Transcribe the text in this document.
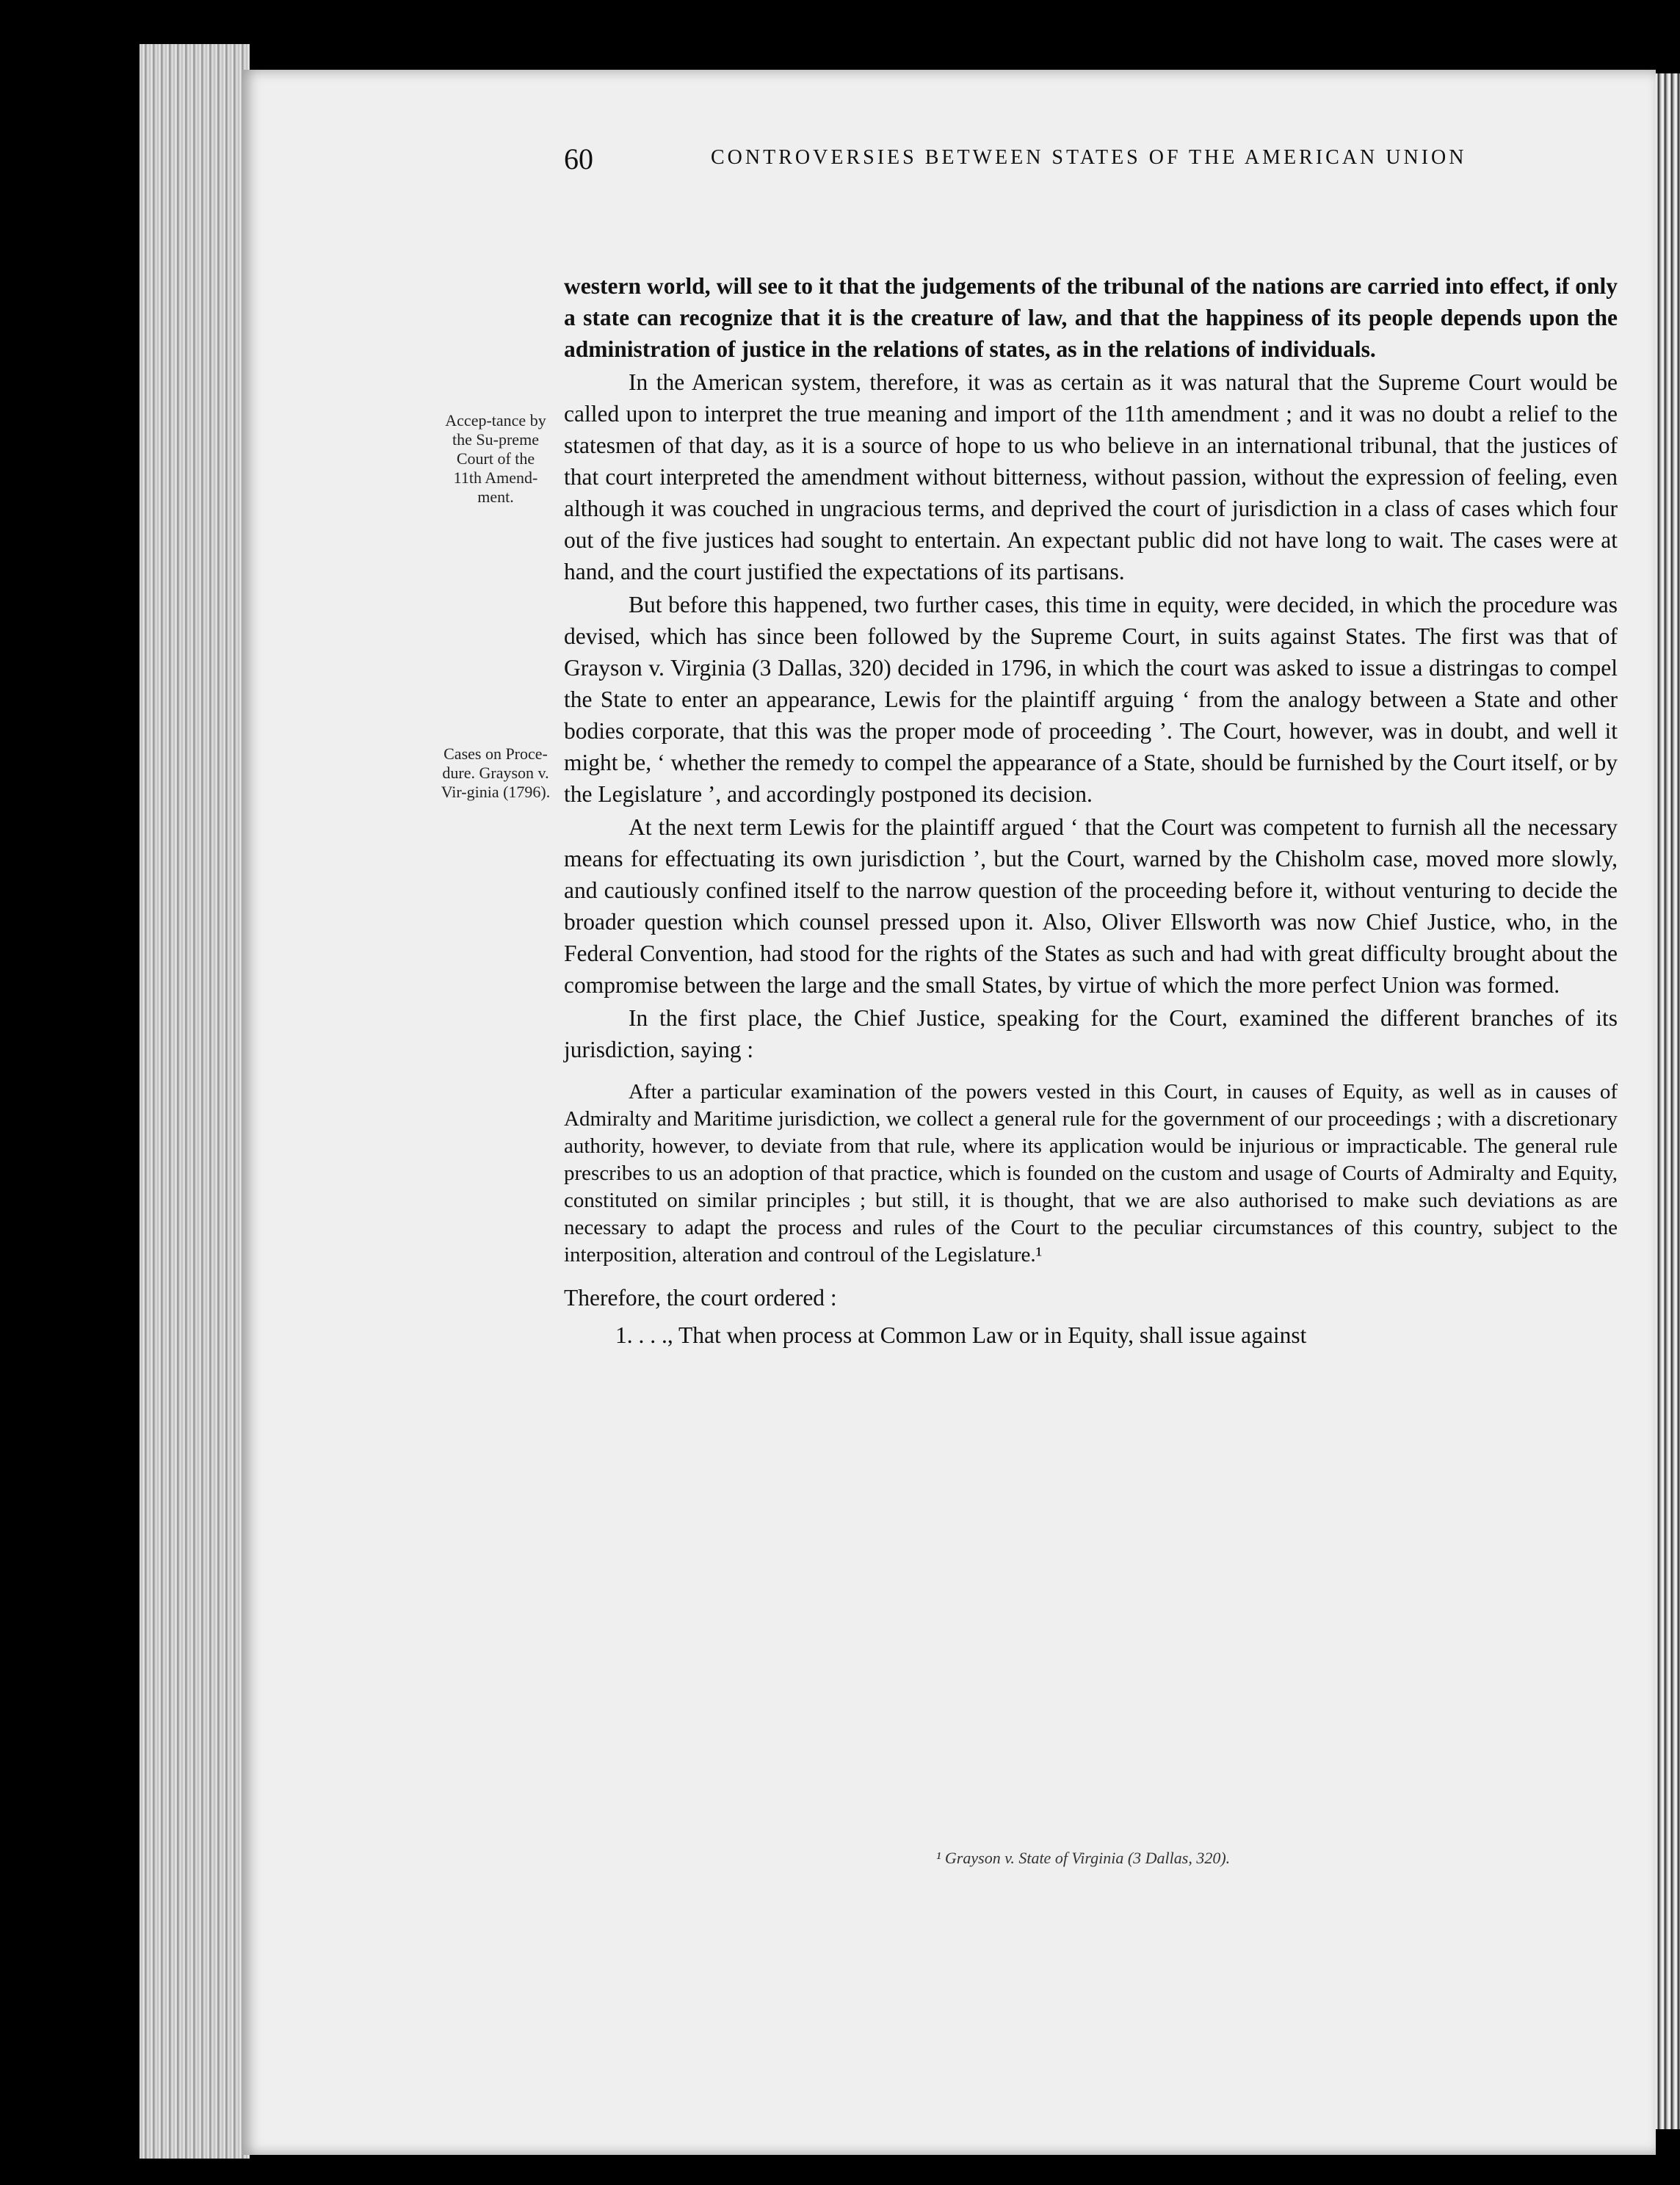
60	CONTROVERSIES BETWEEN STATES OF THE AMERICAN UNION
Accep-tance by the Su-preme Court of the 11th Amend-ment.
Cases on Proce-dure. Grayson v. Vir-ginia (1796).

western world, will see to it that the judgements of the tribunal of the nations are carried into effect, if only a state can recognize that it is the creature of law, and that the happiness of its people depends upon the administration of justice in the relations of states, as in the relations of individuals.

In the American system, therefore, it was as certain as it was natural that the Supreme Court would be called upon to interpret the true meaning and import of the 11th amendment ; and it was no doubt a relief to the statesmen of that day, as it is a source of hope to us who believe in an international tribunal, that the justices of that court interpreted the amendment without bitterness, without passion, without the expression of feeling, even although it was couched in ungracious terms, and deprived the court of jurisdiction in a class of cases which four out of the five justices had sought to entertain. An expectant public did not have long to wait. The cases were at hand, and the court justified the expectations of its partisans.

But before this happened, two further cases, this time in equity, were decided, in which the procedure was devised, which has since been followed by the Supreme Court, in suits against States. The first was that of Grayson v. Virginia (3 Dallas, 320) decided in 1796, in which the court was asked to issue a distringas to compel the State to enter an appearance, Lewis for the plaintiff arguing ‘ from the analogy between a State and other bodies corporate, that this was the proper mode of proceeding ’. The Court, however, was in doubt, and well it might be, ‘ whether the remedy to compel the appearance of a State, should be furnished by the Court itself, or by the Legislature ’, and accordingly postponed its decision.

At the next term Lewis for the plaintiff argued ‘ that the Court was competent to furnish all the necessary means for effectuating its own jurisdiction ’, but the Court, warned by the Chisholm case, moved more slowly, and cautiously confined itself to the narrow question of the proceeding before it, without venturing to decide the broader question which counsel pressed upon it. Also, Oliver Ellsworth was now Chief Justice, who, in the Federal Convention, had stood for the rights of the States as such and had with great difficulty brought about the compromise between the large and the small States, by virtue of which the more perfect Union was formed.

In the first place, the Chief Justice, speaking for the Court, examined the different branches of its jurisdiction, saying :

After a particular examination of the powers vested in this Court, in causes of Equity, as well as in causes of Admiralty and Maritime jurisdiction, we collect a general rule for the government of our proceedings ; with a discretionary authority, however, to deviate from that rule, where its application would be injurious or impracticable. The general rule prescribes to us an adoption of that practice, which is founded on the custom and usage of Courts of Admiralty and Equity, constituted on similar principles ; but still, it is thought, that we are also authorised to make such deviations as are necessary to adapt the process and rules of the Court to the peculiar circumstances of this country, subject to the interposition, alteration and controul of the Legislature.¹

Therefore, the court ordered :

1. . . ., That when process at Common Law or in Equity, shall issue against

¹ Grayson v. State of Virginia (3 Dallas, 320).
